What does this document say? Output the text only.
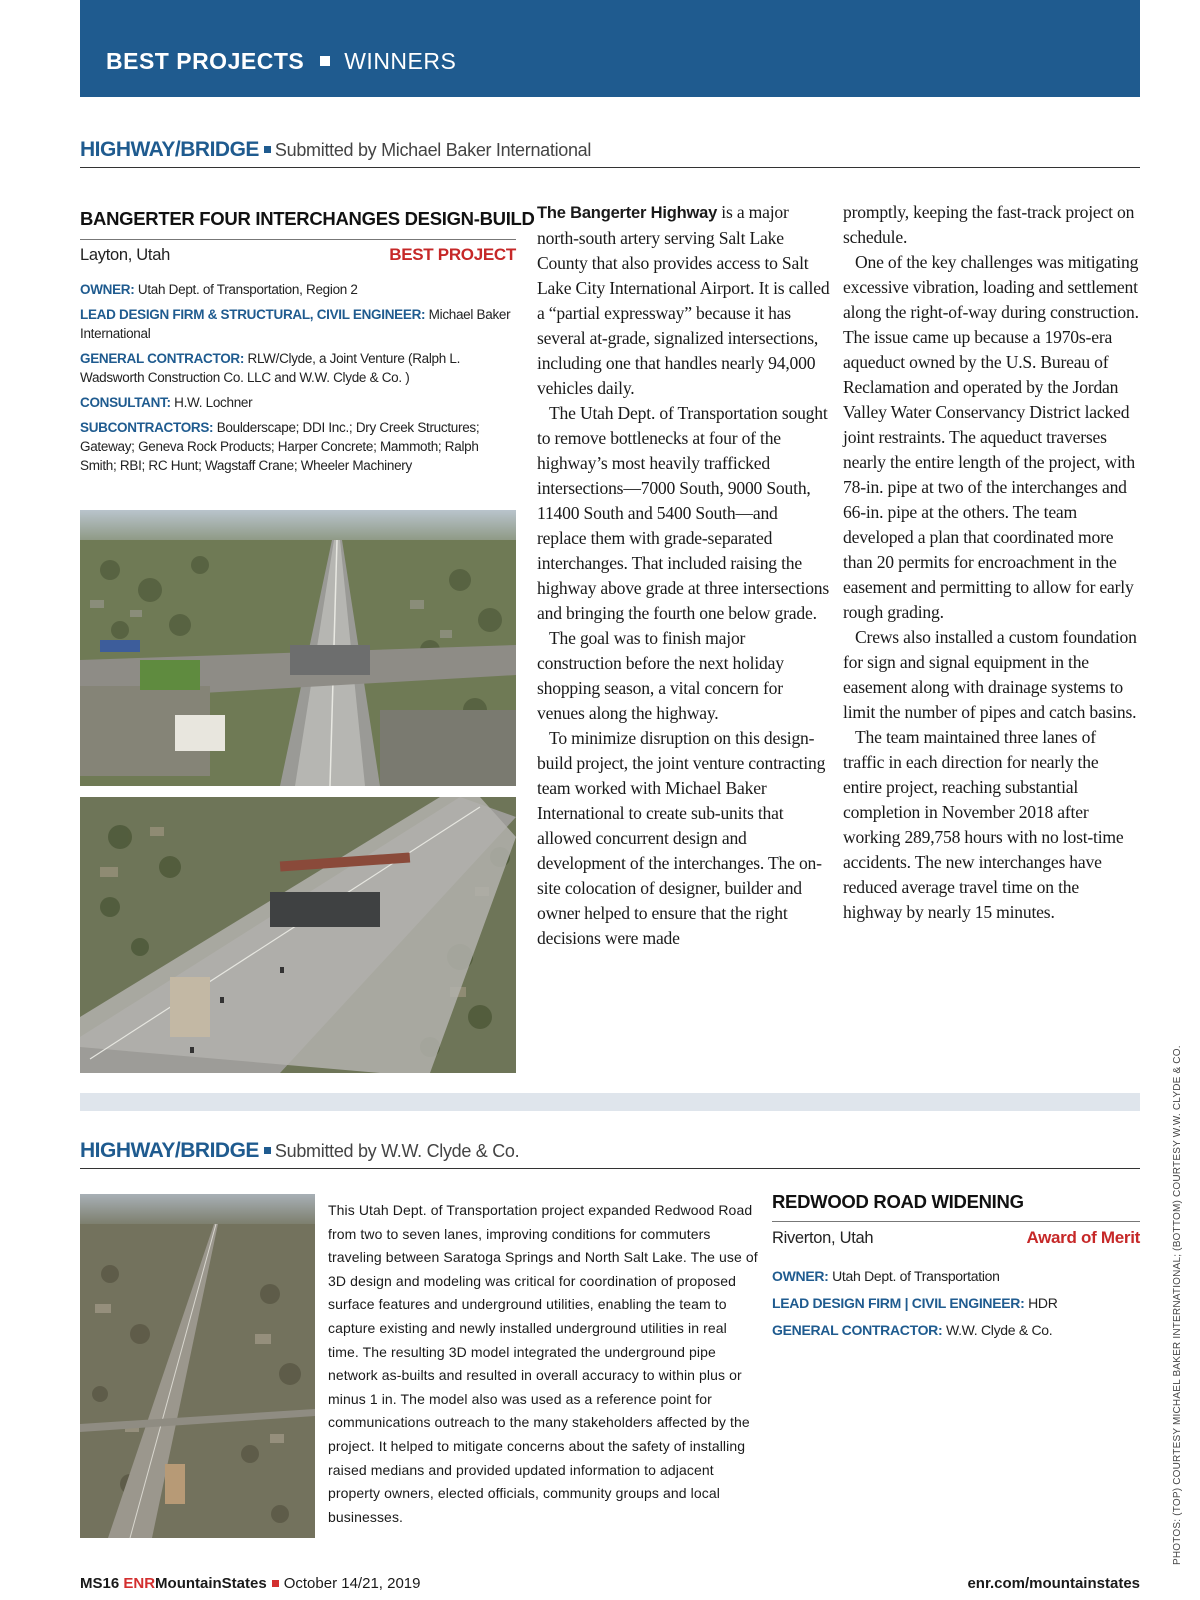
BEST PROJECTS WINNERS
HIGHWAY/BRIDGE Submitted by Michael Baker International
BANGERTER FOUR INTERCHANGES DESIGN-BUILD
Layton, Utah	BEST PROJECT

OWNER: Utah Dept. of Transportation, Region 2

LEAD DESIGN FIRM & STRUCTURAL, CIVIL ENGINEER: Michael Baker International

GENERAL CONTRACTOR: RLW/Clyde, a Joint Venture (Ralph L. Wadsworth Construction Co. LLC and W.W. Clyde & Co. )

CONSULTANT: H.W. Lochner

SUBCONTRACTORS: Boulderscape; DDI Inc.; Dry Creek Structures; Gateway; Geneva Rock Products; Harper Concrete; Mammoth; Ralph Smith; RBI; RC Hunt; Wagstaff Crane; Wheeler Machinery

The Bangerter Highway is a major north-south artery serving Salt Lake County that also provides access to Salt Lake City International Airport. It is called a “partial expressway” because it has several at-grade, signalized intersections, including one that handles nearly 94,000 vehicles daily.

The Utah Dept. of Transportation sought to remove bottlenecks at four of the highway’s most heavily trafficked intersections—7000 South, 9000 South, 11400 South and 5400 South—and replace them with grade-separated interchanges. That included raising the highway above grade at three intersections and bringing the fourth one below grade.

The goal was to finish major construction before the next holiday shopping season, a vital concern for venues along the highway.

To minimize disruption on this design-build project, the joint venture contracting team worked with Michael Baker International to create sub-units that allowed concurrent design and development of the interchanges. The on-site colocation of designer, builder and owner helped to ensure that the right decisions were made

promptly, keeping the fast-track project on schedule.

One of the key challenges was mitigating excessive vibration, loading and settlement along the right-of-way during construction. The issue came up because a 1970s-era aqueduct owned by the U.S. Bureau of Reclamation and operated by the Jordan Valley Water Conservancy District lacked joint restraints. The aqueduct traverses nearly the entire length of the project, with 78-in. pipe at two of the interchanges and 66-in. pipe at the others. The team developed a plan that coordinated more than 20 permits for encroachment in the easement and permitting to allow for early rough grading.

Crews also installed a custom foundation for sign and signal equipment in the easement along with drainage systems to limit the number of pipes and catch basins.

The team maintained three lanes of traffic in each direction for nearly the entire project, reaching substantial completion in November 2018 after working 289,758 hours with no lost-time accidents. The new interchanges have reduced average travel time on the highway by nearly 15 minutes.

HIGHWAY/BRIDGE Submitted by W.W. Clyde & Co.
This Utah Dept. of Transportation project expanded Redwood Road from two to seven lanes, improving conditions for commuters traveling between Saratoga Springs and North Salt Lake. The use of 3D design and modeling was critical for coordination of proposed surface features and underground utilities, enabling the team to capture existing and newly installed underground utilities in real time. The resulting 3D model integrated the underground pipe network as-builts and resulted in overall accuracy to within plus or minus 1 in. The model also was used as a reference point for communications outreach to the many stakeholders affected by the project. It helped to mitigate concerns about the safety of installing raised medians and provided updated information to adjacent property owners, elected officials, community groups and local businesses.
REDWOOD ROAD WIDENING
Riverton, Utah	Award of Merit

OWNER: Utah Dept. of Transportation

LEAD DESIGN FIRM | CIVIL ENGINEER: HDR

GENERAL CONTRACTOR: W.W. Clyde & Co.	PHOTOS: (TOP) COURTESY MICHAEL BAKER INTERNATIONAL; (BOTTOM) COURTESY W.W. CLYDE & CO.
MS16 ENRMountainStates October 14/21, 2019	enr.com/mountainstates
